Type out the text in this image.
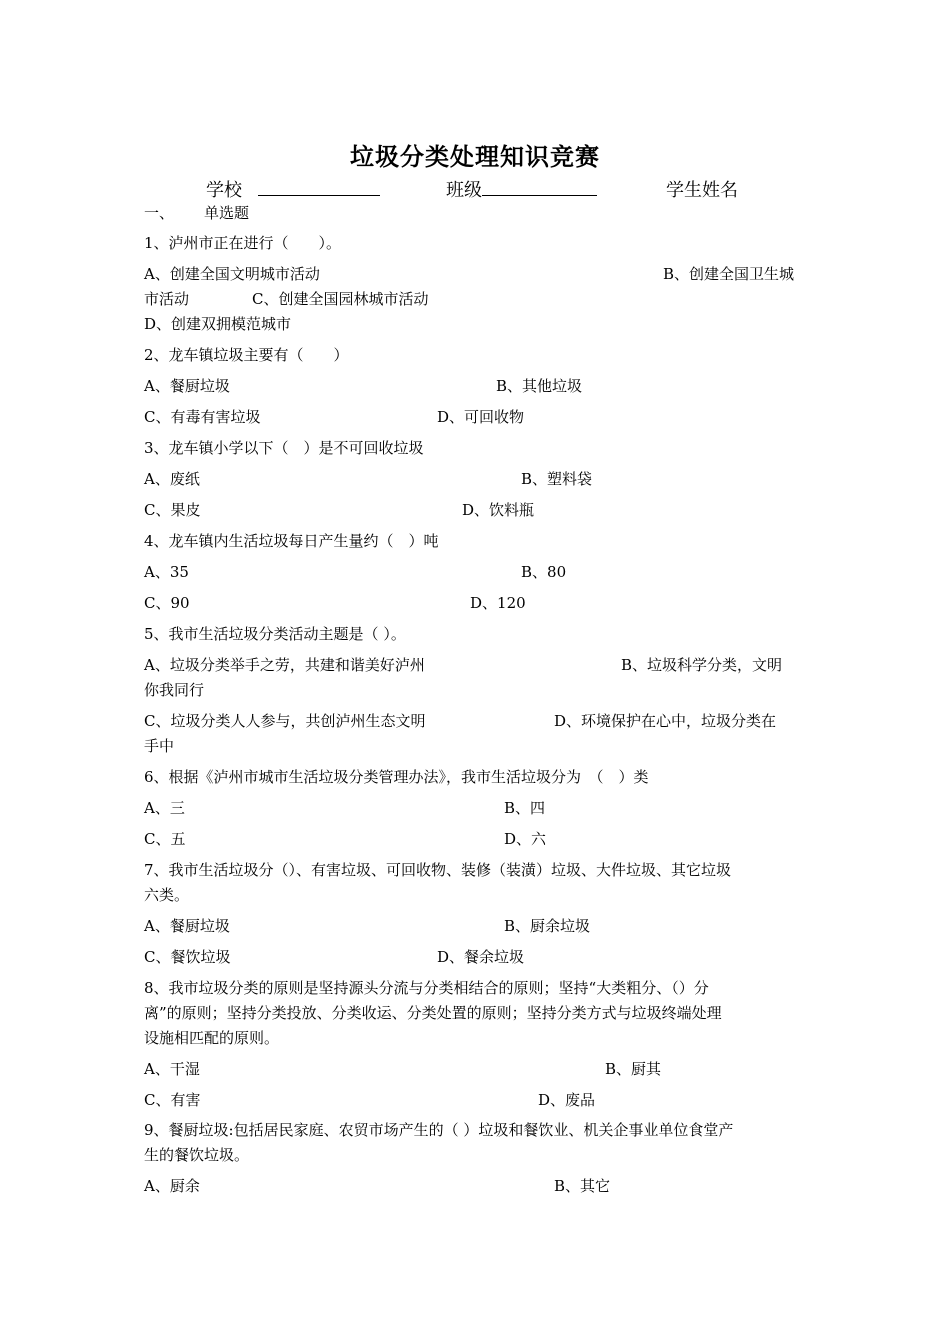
垃圾分类处理知识竞赛
学校	班级	学生姓名
一、 单选题
1、泸州市正在进行（　　）。
A、创建全国文明城市活动	B、创建全国卫生城
市活动	C、创建全国园林城市活动
D、创建双拥模范城市
2、龙车镇垃圾主要有（　　）
A、餐厨垃圾	B、其他垃圾
C、有毒有害垃圾	D、可回收物
3、龙车镇小学以下（　）是不可回收垃圾
A、废纸	B、塑料袋
C、果皮	D、饮料瓶
4、龙车镇内生活垃圾每日产生量约（　）吨
A、35	B、80
C、90	D、120
5、我市生活垃圾分类活动主题是（ ）。
A、垃圾分类举手之劳，共建和谐美好泸州	B、垃圾科学分类，文明
你我同行
C、垃圾分类人人参与，共创泸州生态文明	D、环境保护在心中，垃圾分类在
手中
6、根据《泸州市城市生活垃圾分类管理办法》，我市生活垃圾分为　（　）类
A、三	B、四
C、五	D、六
7、我市生活垃圾分（）、有害垃圾、可回收物、装修（装潢）垃圾、大件垃圾、其它垃圾
六类。
A、餐厨垃圾	B、厨余垃圾
C、餐饮垃圾	D、餐余垃圾
8、我市垃圾分类的原则是坚持源头分流与分类相结合的原则；坚持“大类粗分、（）分
离”的原则；坚持分类投放、分类收运、分类处置的原则；坚持分类方式与垃圾终端处理
设施相匹配的原则。
A、干湿	B、厨其
C、有害	D、废品
9、餐厨垃圾:包括居民家庭、农贸市场产生的（ ）垃圾和餐饮业、机关企事业单位食堂产
生的餐饮垃圾。
A、厨余	B、其它
